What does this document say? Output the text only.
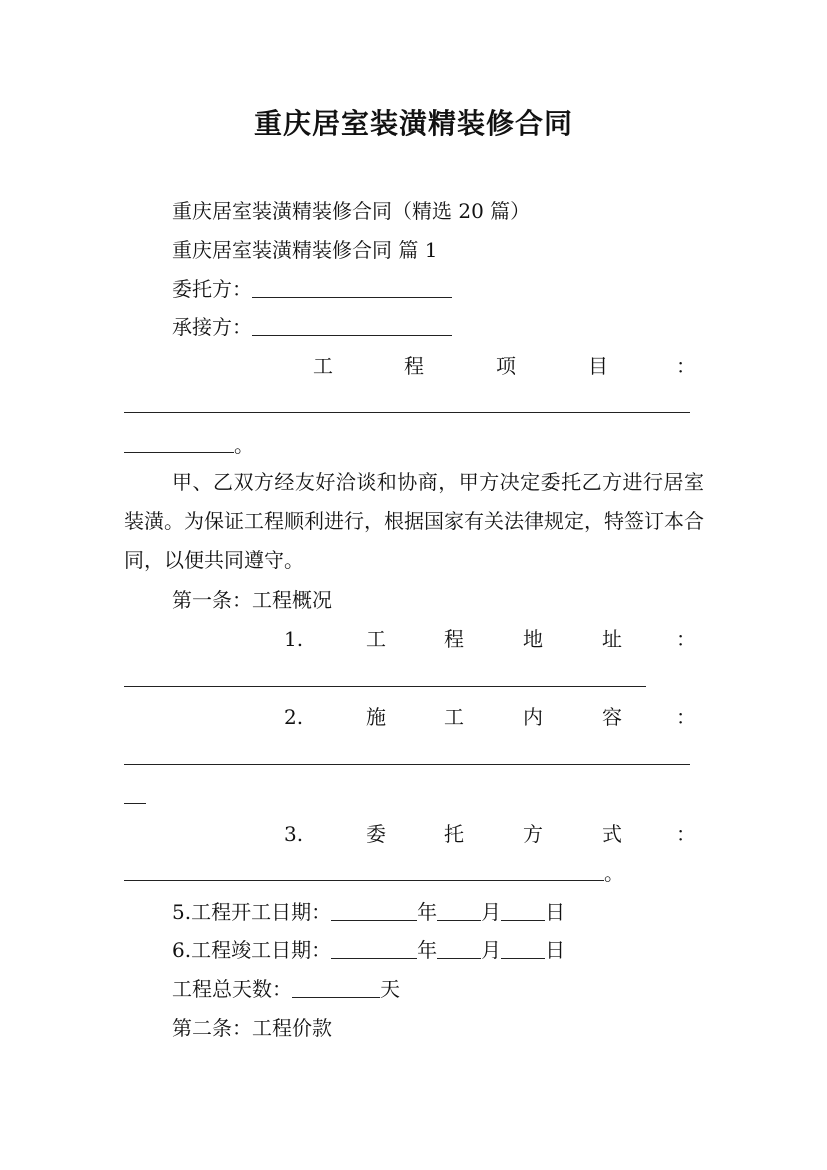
重庆居室装潢精装修合同
重庆居室装潢精装修合同（精选 20 篇）
重庆居室装潢精装修合同 篇 1
委托方：
承接方：
工	程	项	目	：
。
甲、乙双方经友好洽谈和协商，甲方决定委托乙方进行居室装潢。为保证工程顺利进行，根据国家有关法律规定，特签订本合同，以便共同遵守。
第一条：工程概况
1.	工	程	地	址	：
2.	施	工	内	容	：
3.	委	托	方	式	：
。
5.工程开工日期：	年 月 日
6.工程竣工日期：	年 月 日
工程总天数：	天
第二条：工程价款
